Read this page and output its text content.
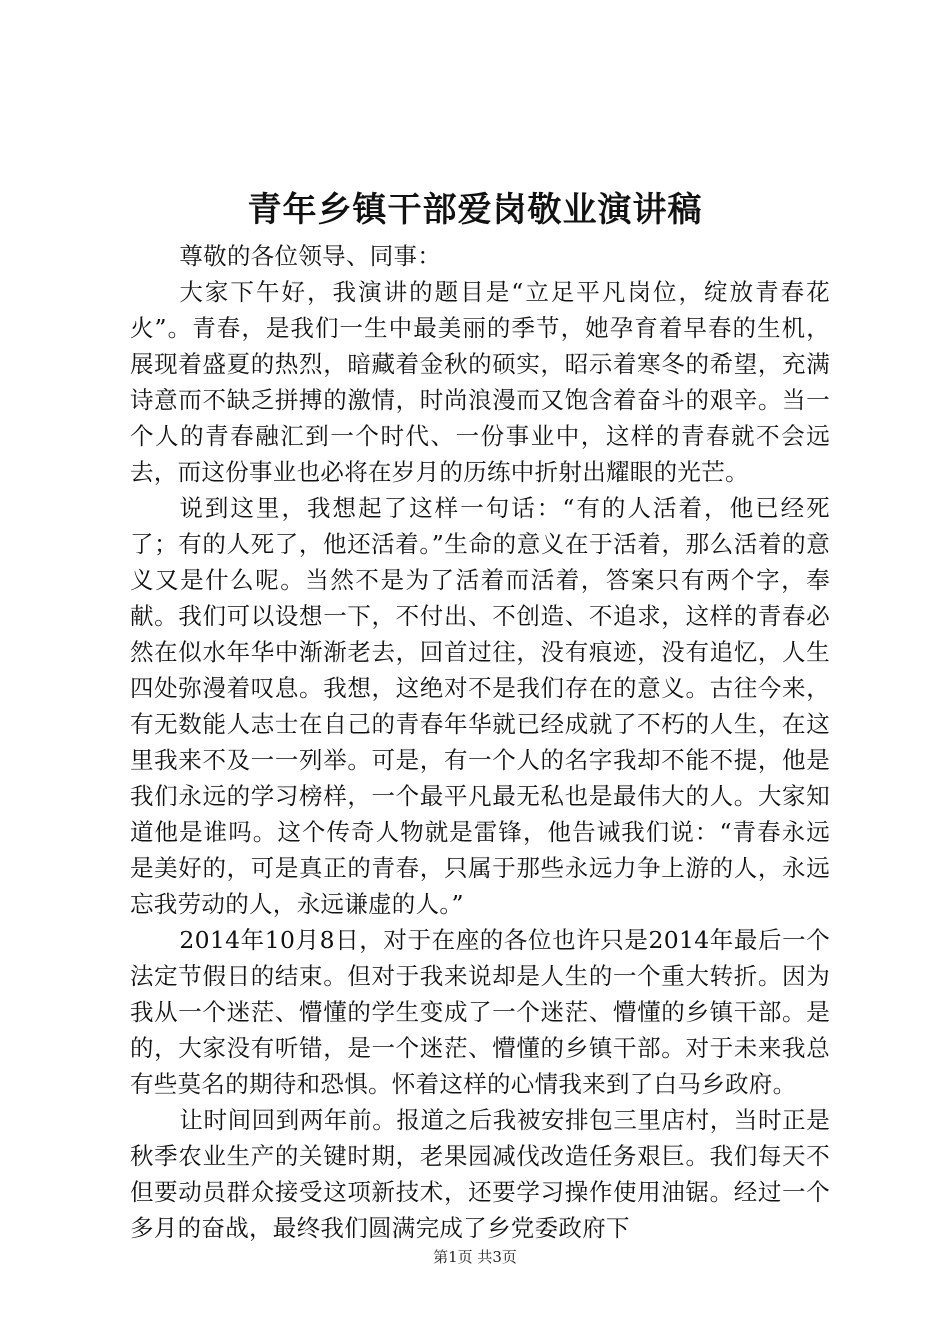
青年乡镇干部爱岗敬业演讲稿

尊敬的各位领导、同事：

大家下午好，我演讲的题目是“立足平凡岗位，绽放青春花火”。青春，是我们一生中最美丽的季节，她孕育着早春的生机，展现着盛夏的热烈，暗藏着金秋的硕实，昭示着寒冬的希望，充满诗意而不缺乏拼搏的激情，时尚浪漫而又饱含着奋斗的艰辛。当一个人的青春融汇到一个时代、一份事业中，这样的青春就不会远去，而这份事业也必将在岁月的历练中折射出耀眼的光芒。

说到这里，我想起了这样一句话：“有的人活着，他已经死了；有的人死了，他还活着。”生命的意义在于活着，那么活着的意义又是什么呢。当然不是为了活着而活着，答案只有两个字，奉献。我们可以设想一下，不付出、不创造、不追求，这样的青春必然在似水年华中渐渐老去，回首过往，没有痕迹，没有追忆，人生四处弥漫着叹息。我想，这绝对不是我们存在的意义。古往今来，有无数能人志士在自己的青春年华就已经成就了不朽的人生，在这里我来不及一一列举。可是，有一个人的名字我却不能不提，他是我们永远的学习榜样，一个最平凡最无私也是最伟大的人。大家知道他是谁吗。这个传奇人物就是雷锋，他告诫我们说：“青春永远是美好的，可是真正的青春，只属于那些永远力争上游的人，永远忘我劳动的人，永远谦虚的人。”

2014年10月8日，对于在座的各位也许只是2014年最后一个法定节假日的结束。但对于我来说却是人生的一个重大转折。因为我从一个迷茫、懵懂的学生变成了一个迷茫、懵懂的乡镇干部。是的，大家没有听错，是一个迷茫、懵懂的乡镇干部。对于未来我总有些莫名的期待和恐惧。怀着这样的心情我来到了白马乡政府。

让时间回到两年前。报道之后我被安排包三里店村，当时正是秋季农业生产的关键时期，老果园减伐改造任务艰巨。我们每天不但要动员群众接受这项新技术，还要学习操作使用油锯。经过一个多月的奋战，最终我们圆满完成了乡党委政府下

第1页 共3页
